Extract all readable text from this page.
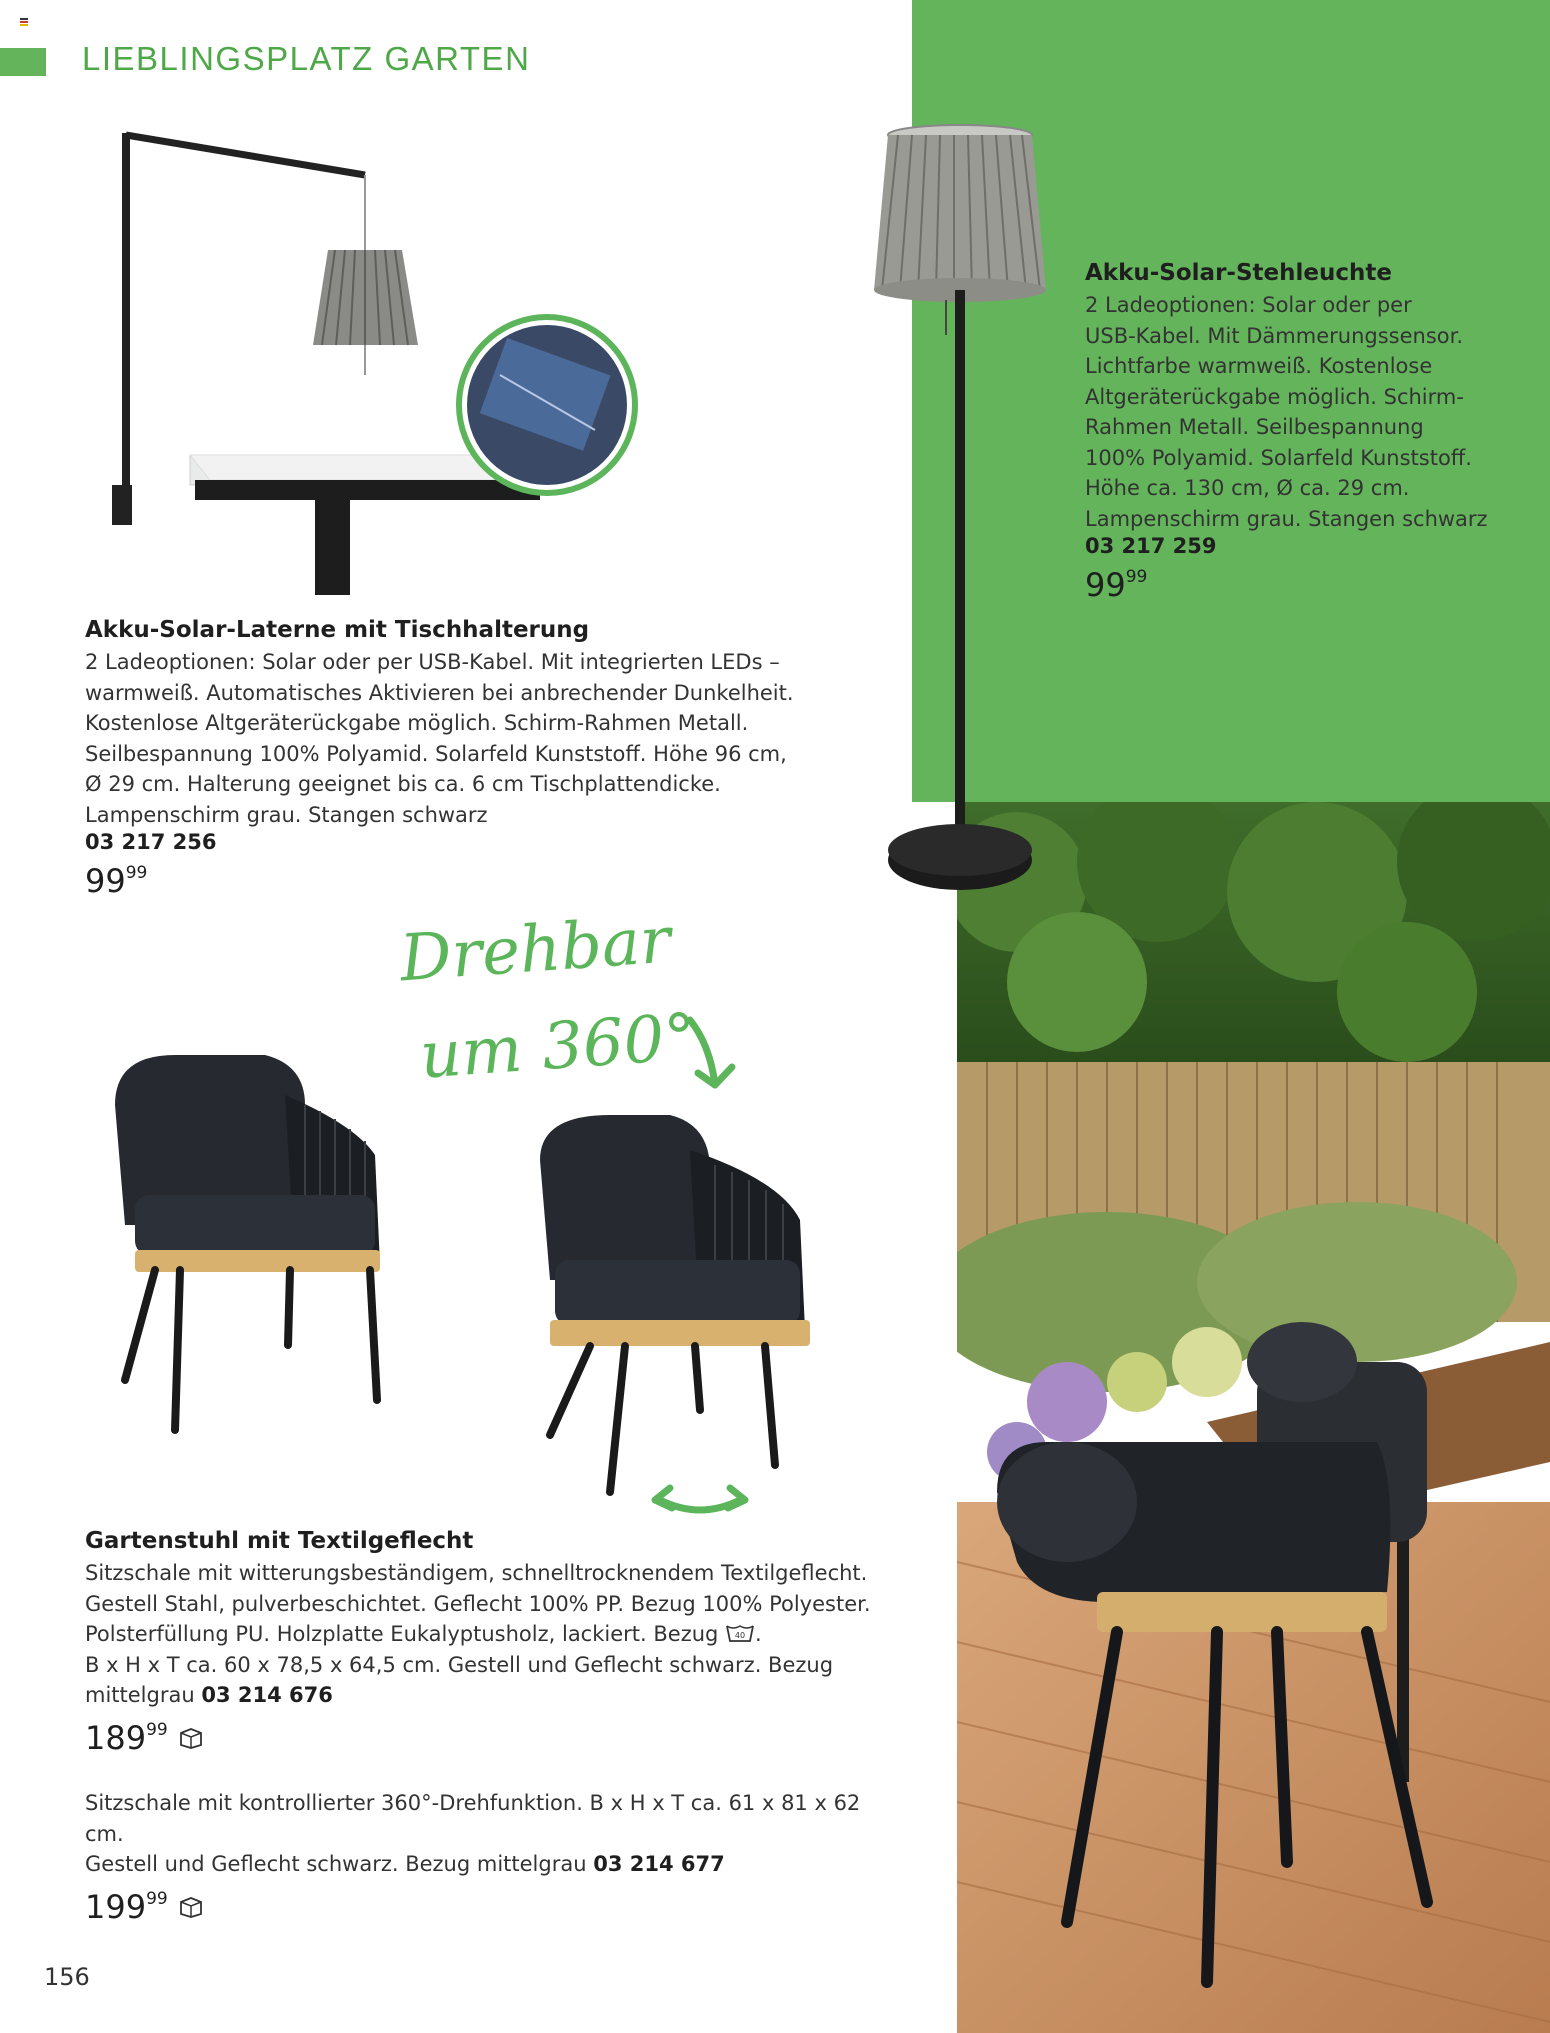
LIEBLINGSPLATZ GARTEN
Drehbar
um 360°
Akku-Solar-Laterne mit Tischhalterung
2 Ladeoptionen: Solar oder per USB-Kabel. Mit integrierten LEDs –
warmweiß. Automatisches Aktivieren bei anbrechender Dunkelheit.
Kostenlose Altgeräterückgabe möglich. Schirm-Rahmen Metall.
Seilbespannung 100% Polyamid. Solarfeld Kunststoff. Höhe 96 cm,
Ø 29 cm. Halterung geeignet bis ca. 6 cm Tischplattendicke.
Lampenschirm grau. Stangen schwarz
03 217 256
$99^{99}$
Akku-Solar-Stehleuchte
2 Ladeoptionen: Solar oder per
USB-Kabel. Mit Dämmerungssensor.
Lichtfarbe warmweiß. Kostenlose
Altgeräterückgabe möglich. Schirm-
Rahmen Metall. Seilbespannung
100% Polyamid. Solarfeld Kunststoff.
Höhe ca. 130 cm, Ø ca. 29 cm.
Lampenschirm grau. Stangen schwarz
03 217 259
$99^{99}$
Gartenstuhl mit Textilgeflecht
Sitzschale mit witterungsbeständigem, schnelltrocknendem Textilgeflecht.
Gestell Stahl, pulverbeschichtet. Geflecht 100% PP. Bezug 100% Polyester.
Polsterfüllung PU. Holzplatte Eukalyptusholz, lackiert. Bezug 40 .
B x H x T ca. 60 x 78,5 x 64,5 cm. Gestell und Geflecht schwarz. Bezug
mittelgrau 03 214 676
$189^{99}$
Sitzschale mit kontrollierter 360°-Drehfunktion. B x H x T ca. 61 x 81 x 62 cm.
Gestell und Geflecht schwarz. Bezug mittelgrau 03 214 677
$199^{99}$
156
